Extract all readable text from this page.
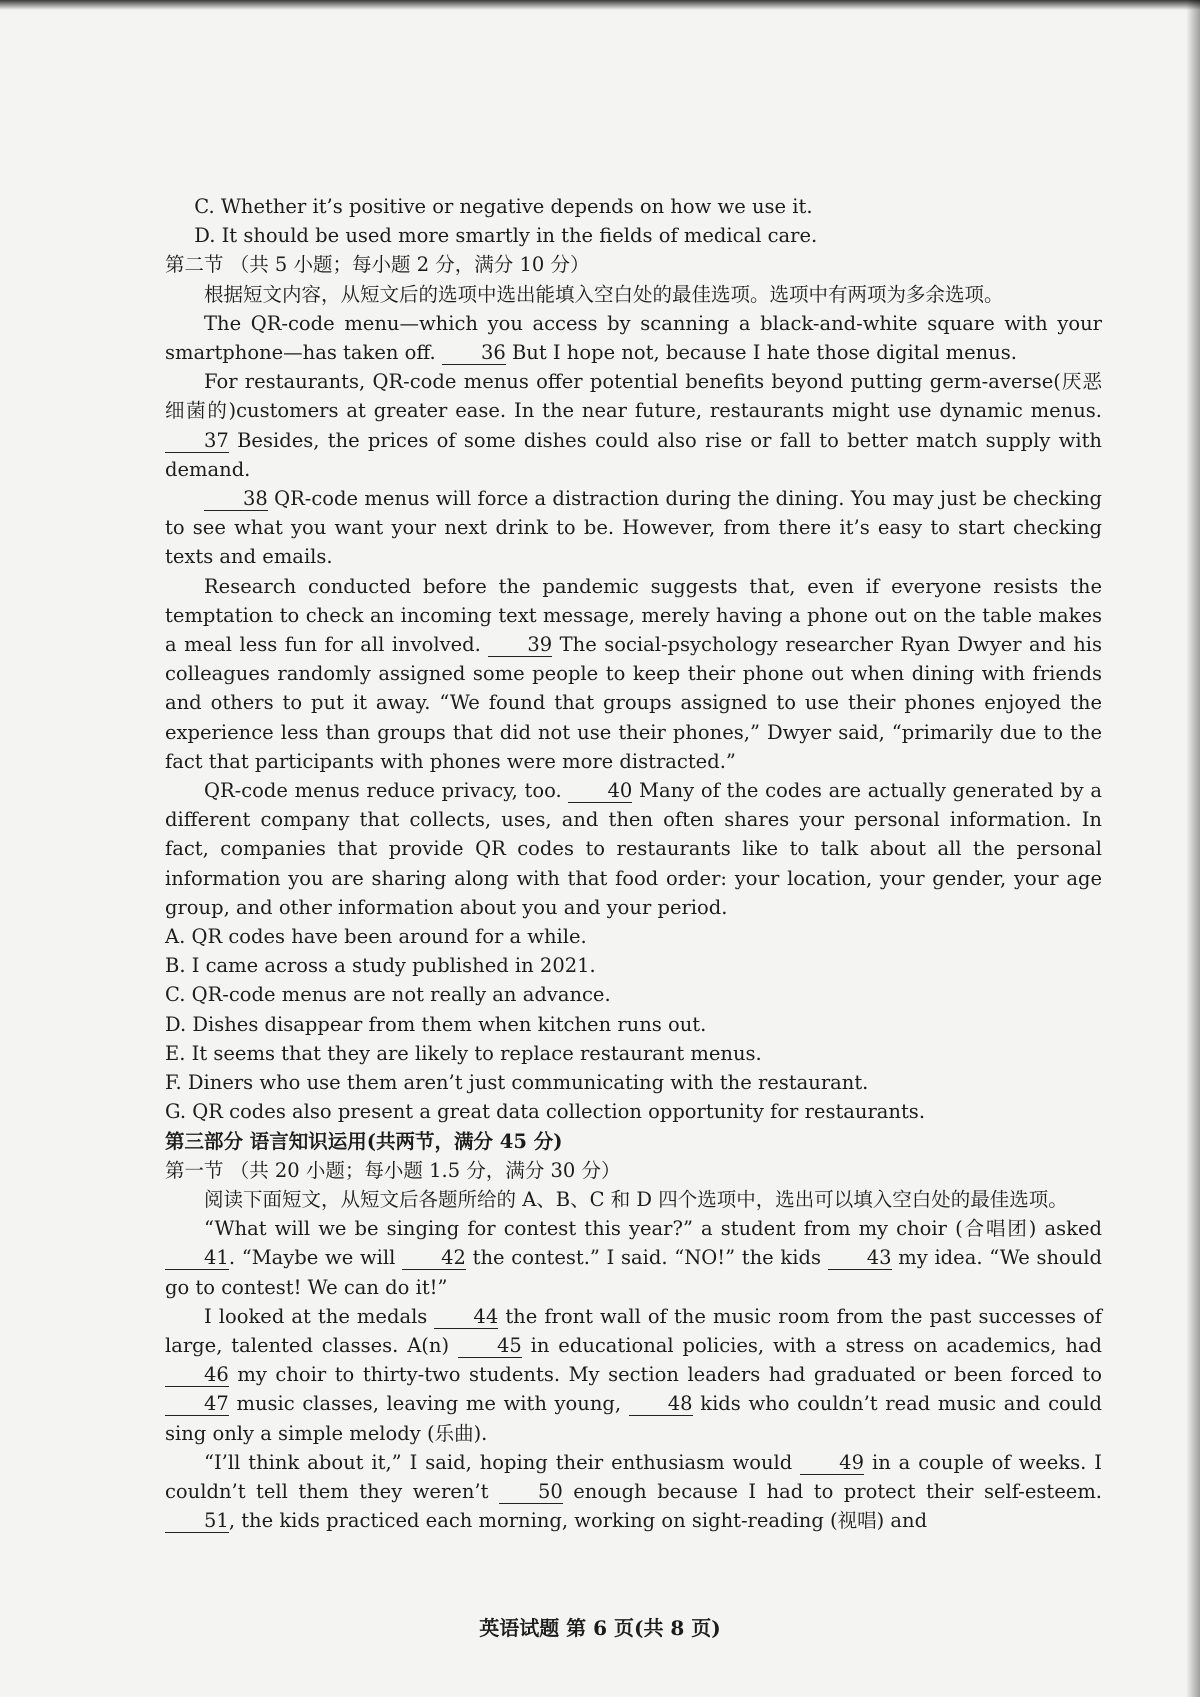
C. Whether it’s positive or negative depends on how we use it.

D. It should be used more smartly in the fields of medical care.

第二节 （共 5 小题；每小题 2 分，满分 10 分）

根据短文内容，从短文后的选项中选出能填入空白处的最佳选项。选项中有两项为多余选项。

The QR-code menu—which you access by scanning a black-and-white square with your smartphone—has taken off. 36 But I hope not, because I hate those digital menus.

For restaurants, QR-code menus offer potential benefits beyond putting germ-averse(厌恶细菌的)customers at greater ease. In the near future, restaurants might use dynamic menus. 37 Besides, the prices of some dishes could also rise or fall to better match supply with demand.

38 QR-code menus will force a distraction during the dining. You may just be checking to see what you want your next drink to be. However, from there it’s easy to start checking texts and emails.

Research conducted before the pandemic suggests that, even if everyone resists the temptation to check an incoming text message, merely having a phone out on the table makes a meal less fun for all involved. 39 The social-psychology researcher Ryan Dwyer and his colleagues randomly assigned some people to keep their phone out when dining with friends and others to put it away. “We found that groups assigned to use their phones enjoyed the experience less than groups that did not use their phones,” Dwyer said, “primarily due to the fact that participants with phones were more distracted.”

QR-code menus reduce privacy, too. 40 Many of the codes are actually generated by a different company that collects, uses, and then often shares your personal information. In fact, companies that provide QR codes to restaurants like to talk about all the personal information you are sharing along with that food order: your location, your gender, your age group, and other information about you and your period.

A. QR codes have been around for a while.

B. I came across a study published in 2021.

C. QR-code menus are not really an advance.

D. Dishes disappear from them when kitchen runs out.

E. It seems that they are likely to replace restaurant menus.

F. Diners who use them aren’t just communicating with the restaurant.

G. QR codes also present a great data collection opportunity for restaurants.

第三部分 语言知识运用(共两节，满分 45 分)

第一节 （共 20 小题；每小题 1.5 分，满分 30 分）

阅读下面短文，从短文后各题所给的 A、B、C 和 D 四个选项中，选出可以填入空白处的最佳选项。

“What will we be singing for contest this year?” a student from my choir (合唱团) asked 41. “Maybe we will 42 the contest.” I said. “NO!” the kids 43 my idea. “We should go to contest! We can do it!”

I looked at the medals 44 the front wall of the music room from the past successes of large, talented classes. A(n) 45 in educational policies, with a stress on academics, had 46 my choir to thirty-two students. My section leaders had graduated or been forced to 47 music classes, leaving me with young, 48 kids who couldn’t read music and could sing only a simple melody (乐曲).

“I’ll think about it,” I said, hoping their enthusiasm would 49 in a couple of weeks. I couldn’t tell them they weren’t	50 enough because I had to protect their self-esteem. 51, the kids practiced each morning, working on sight-reading (视唱) and

英语试题 第 6 页(共 8 页)
